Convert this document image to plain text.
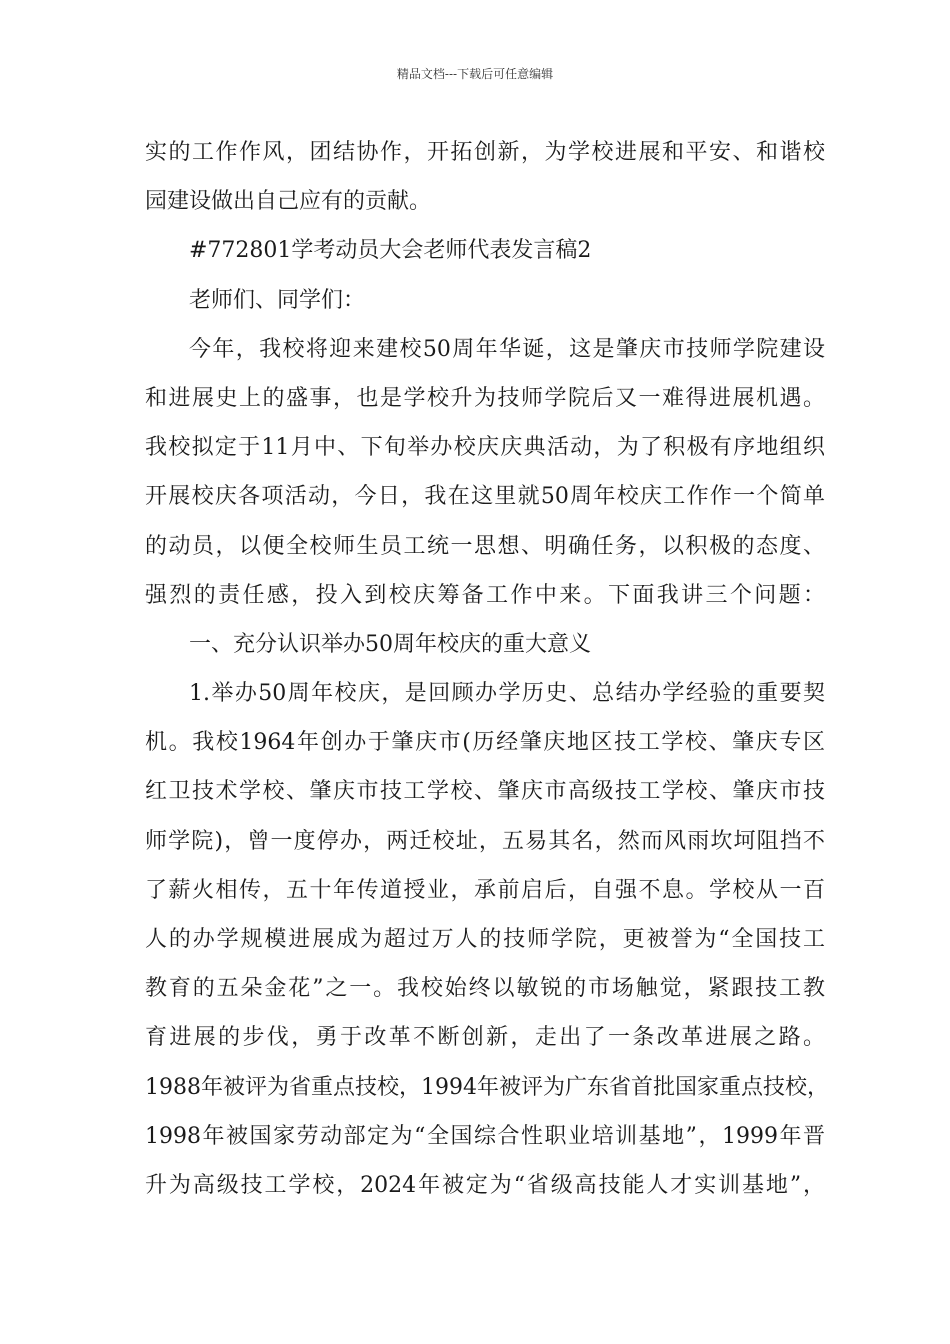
精品文档---下载后可任意编辑
实的工作作风，团结协作，开拓创新，为学校进展和平安、和谐校
园建设做出自己应有的贡献。
#772801学考动员大会老师代表发言稿2
老师们、同学们：
今年，我校将迎来建校50周年华诞，这是肇庆市技师学院建设
和进展史上的盛事，也是学校升为技师学院后又一难得进展机遇。
我校拟定于11月中、下旬举办校庆庆典活动，为了积极有序地组织
开展校庆各项活动，今日，我在这里就50周年校庆工作作一个简单
的动员，以便全校师生员工统一思想、明确任务，以积极的态度、
强烈的责任感，投入到校庆筹备工作中来。下面我讲三个问题：
一、充分认识举办50周年校庆的重大意义
1.举办50周年校庆，是回顾办学历史、总结办学经验的重要契
机。我校1964年创办于肇庆市(历经肇庆地区技工学校、肇庆专区
红卫技术学校、肇庆市技工学校、肇庆市高级技工学校、肇庆市技
师学院)，曾一度停办，两迁校址，五易其名，然而风雨坎坷阻挡不
了薪火相传，五十年传道授业，承前启后，自强不息。学校从一百
人的办学规模进展成为超过万人的技师学院，更被誉为“全国技工
教育的五朵金花”之一。我校始终以敏锐的市场触觉，紧跟技工教
育进展的步伐，勇于改革不断创新，走出了一条改革进展之路。
1988年被评为省重点技校，1994年被评为广东省首批国家重点技校，
1998年被国家劳动部定为“全国综合性职业培训基地”，1999年晋
升为高级技工学校，2024年被定为“省级高技能人才实训基地”，
